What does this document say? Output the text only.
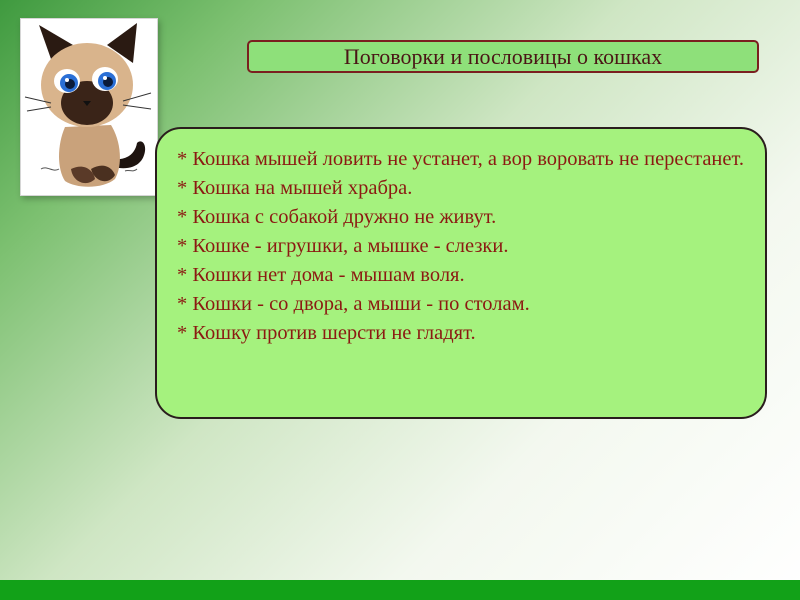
Поговорки и пословицы о кошках
* Кошка мышей ловить не устанет, а вор воровать не перестанет.
* Кошка на мышей храбра.
* Кошка с собакой дружно не живут.
* Кошке - игрушки, а мышке - слезки.
* Кошки нет дома - мышам воля.
* Кошки - со двора, а мыши - по столам.
* Кошку против шерсти не гладят.
